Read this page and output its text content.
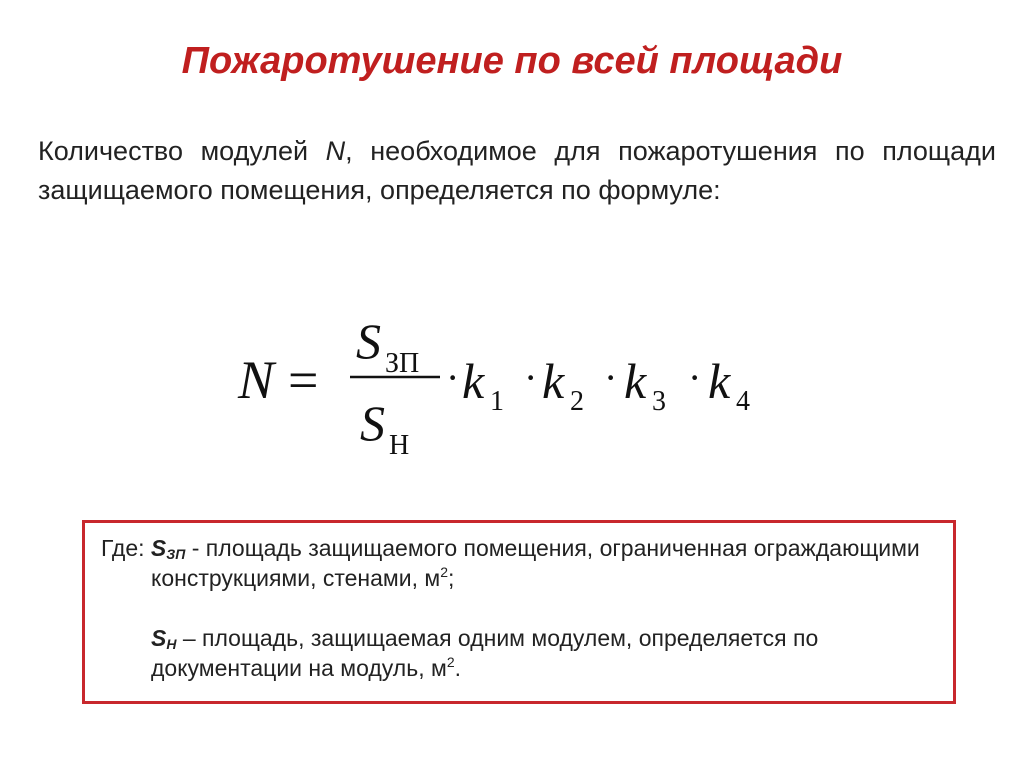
Пожаротушение по всей площади
Количество модулей N, необходимое для пожаротушения по площади защищаемого помещения, определяется по формуле:
N =
S ЗП
S Н
· k 1
· k 2
· k 3
· k 4
Где: $S_{ЗП}$ - площадь защищаемого помещения, ограниченная ограждающими конструкциями, стенами, $м^2$;
$S_Н$ – площадь, защищаемая одним модулем, определяется по документации на модуль, $м^2$.
